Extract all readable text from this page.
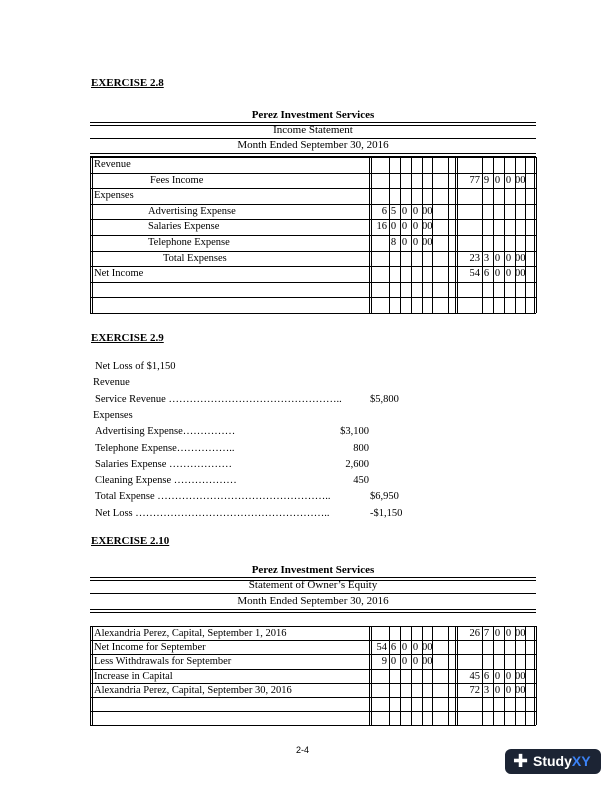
EXERCISE 2.8
Perez Investment Services
Income Statement
Month Ended September 30, 2016
Revenue
Fees Income	77 9 0 0 00
Expenses
Advertising Expense	6 5 0 0 00
Salaries Expense	16 0 0 0 00
Telephone Expense	8 0 0 00
Total Expenses	23 3 0 0 00
Net Income	54 6 0 0 00
EXERCISE 2.9
Net Loss of $1,150
Revenue
Service Revenue …………………………………………..	$5,800
Expenses
Advertising Expense……………	$3,100
Telephone Expense……………..	800
Salaries Expense ………………	2,600
Cleaning Expense ………………	450
Total Expense …………………………………………..	$6,950
Net Loss ………………………………………………..	-$1,150
EXERCISE 2.10
Perez Investment Services
Statement of Owner’s Equity
Month Ended September 30, 2016
Alexandria Perez, Capital, September 1, 2016	26 7 0 0 00
Net Income for September	54 6 0 0 00
Less Withdrawals for September	9 0 0 0 00
Increase in Capital	45 6 0 0 00
Alexandria Perez, Capital, September 30, 2016	72 3 0 0 00
2-4
✚ StudyXY
